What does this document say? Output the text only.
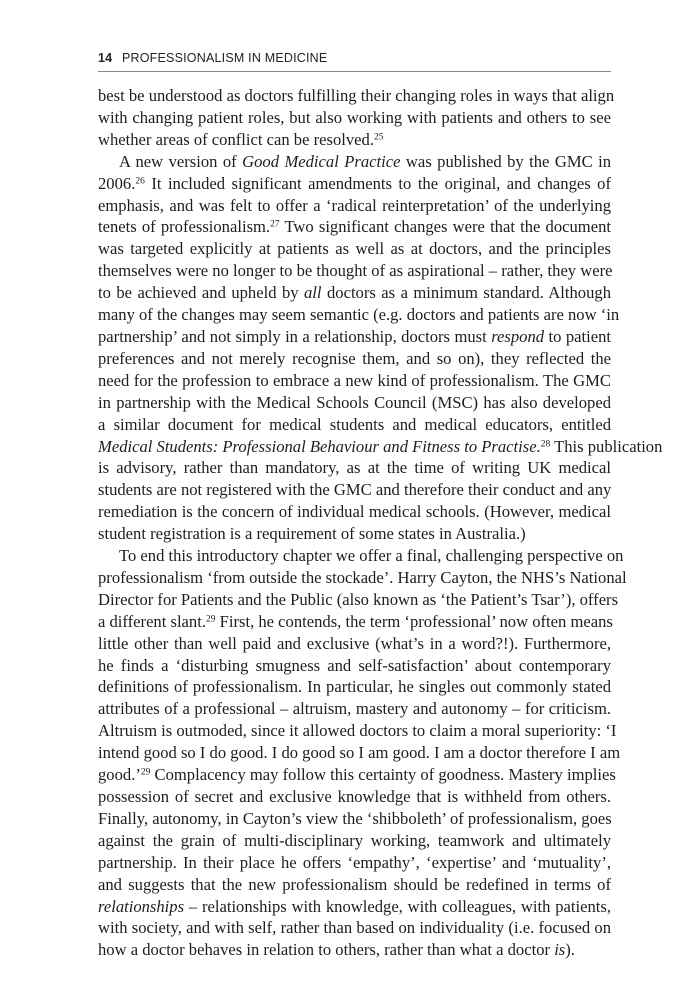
14 PROFESSIONALISM IN MEDICINE
best be understood as doctors fulfilling their changing roles in ways that align
with changing patient roles, but also working with patients and others to see
whether areas of conflict can be resolved.$^{25}$
A new version of Good Medical Practice was published by the GMC in
2006.26 It included significant amendments to the original, and changes of
emphasis, and was felt to offer a ‘radical reinterpretation’ of the underlying
tenets of professionalism.$^{27}$ Two significant changes were that the document
was targeted explicitly at patients as well as at doctors, and the principles
themselves were no longer to be thought of as aspirational – rather, they were
to be achieved and upheld by all doctors as a minimum standard. Although
many of the changes may seem semantic (e.g. doctors and patients are now ‘in
partnership’ and not simply in a relationship, doctors must respond to patient
preferences and not merely recognise them, and so on), they reflected the
need for the profession to embrace a new kind of professionalism. The GMC
in partnership with the Medical Schools Council (MSC) has also developed
a similar document for medical students and medical educators, entitled
Medical Students: Professional Behaviour and Fitness to Practise.$^{28}$ This publication
is advisory, rather than mandatory, as at the time of writing UK medical
students are not registered with the GMC and therefore their conduct and any
remediation is the concern of individual medical schools. (However, medical
student registration is a requirement of some states in Australia.)
To end this introductory chapter we offer a final, challenging perspective on
professionalism ‘from outside the stockade’. Harry Cayton, the NHS’s National
Director for Patients and the Public (also known as ‘the Patient’s Tsar’), offers
a different slant.$^{29}$ First, he contends, the term ‘professional’ now often means
little other than well paid and exclusive (what’s in a word?!). Furthermore,
he finds a ‘disturbing smugness and self-satisfaction’ about contemporary
definitions of professionalism. In particular, he singles out commonly stated
attributes of a professional – altruism, mastery and autonomy – for criticism.
Altruism is outmoded, since it allowed doctors to claim a moral superiority: ‘I
intend good so I do good. I do good so I am good. I am a doctor therefore I am
good.’$^{29}$ Complacency may follow this certainty of goodness. Mastery implies
possession of secret and exclusive knowledge that is withheld from others.
Finally, autonomy, in Cayton’s view the ‘shibboleth’ of professionalism, goes
against the grain of multi-disciplinary working, teamwork and ultimately
partnership. In their place he offers ‘empathy’, ‘expertise’ and ‘mutuality’,
and suggests that the new professionalism should be redefined in terms of
relationships – relationships with knowledge, with colleagues, with patients,
with society, and with self, rather than based on individuality (i.e. focused on
how a doctor behaves in relation to others, rather than what a doctor is).
